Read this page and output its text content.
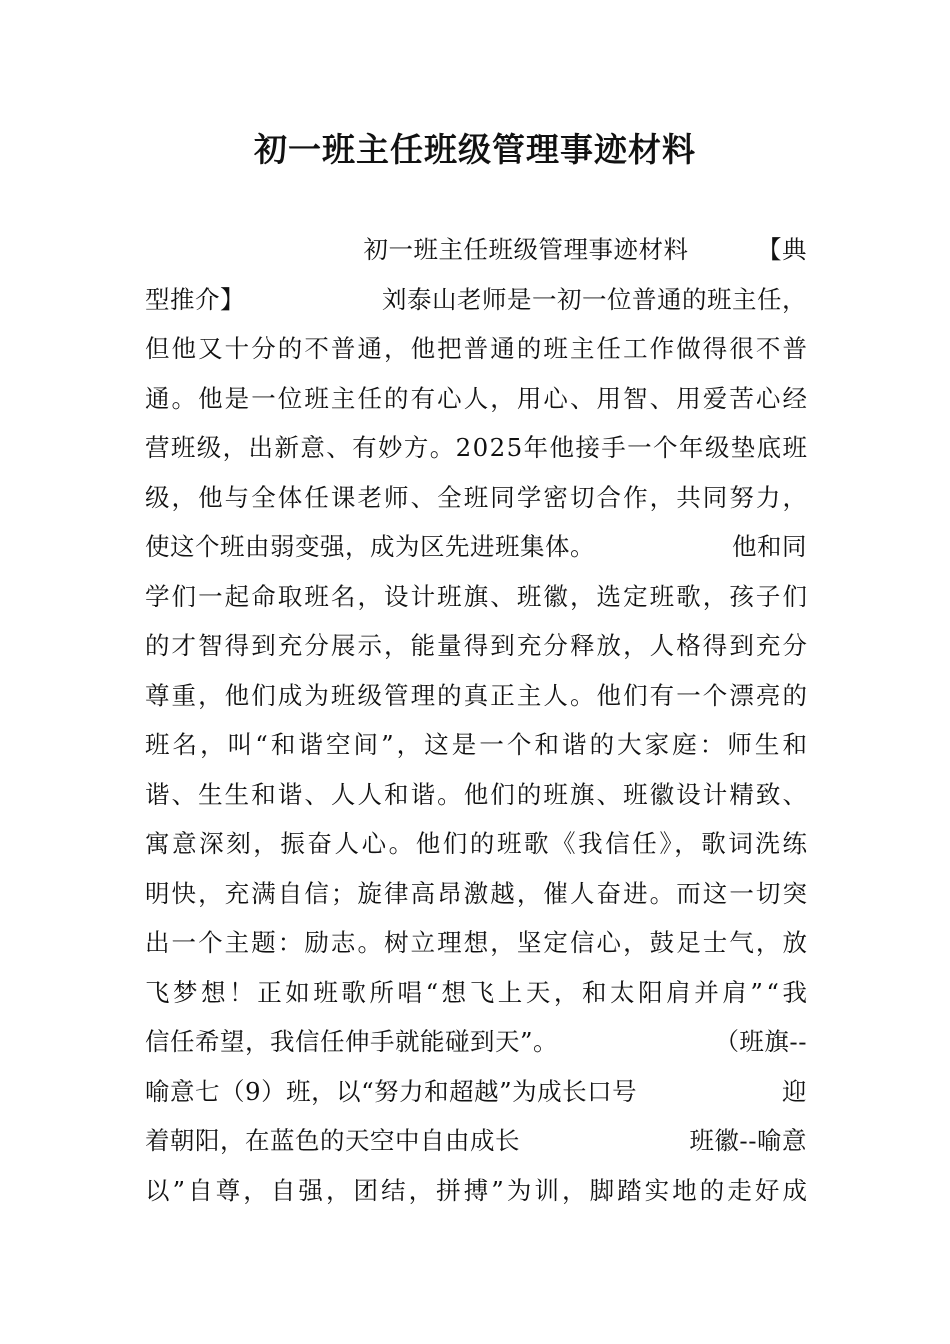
初一班主任班级管理事迹材料
初一班主任班级管理事迹材料	【典
型推介】	刘泰山老师是一初一位普通的班主任，
但他又十分的不普通，他把普通的班主任工作做得很不普
通。他是一位班主任的有心人，用心、用智、用爱苦心经
营班级，出新意、有妙方。2025年他接手一个年级垫底班
级，他与全体任课老师、全班同学密切合作，共同努力，
使这个班由弱变强，成为区先进班集体。	他和同
学们一起命取班名，设计班旗、班徽，选定班歌，孩子们
的才智得到充分展示，能量得到充分释放，人格得到充分
尊重，他们成为班级管理的真正主人。他们有一个漂亮的
班名，叫“和谐空间”，这是一个和谐的大家庭：师生和
谐、生生和谐、人人和谐。他们的班旗、班徽设计精致、
寓意深刻，振奋人心。他们的班歌《我信任》，歌词洗练
明快，充满自信；旋律高昂激越，催人奋进。而这一切突
出一个主题：励志。树立理想，坚定信心，鼓足士气，放
飞梦想！正如班歌所唱“想飞上天，和太阳肩并肩”“我
信任希望，我信任伸手就能碰到天”。	（班旗--
喻意七（9）班，以“努力和超越”为成长口号	迎
着朝阳，在蓝色的天空中自由成长	班徽--喻意
以”自尊，自强，团结，拼搏”为训，脚踏实地的走好成
